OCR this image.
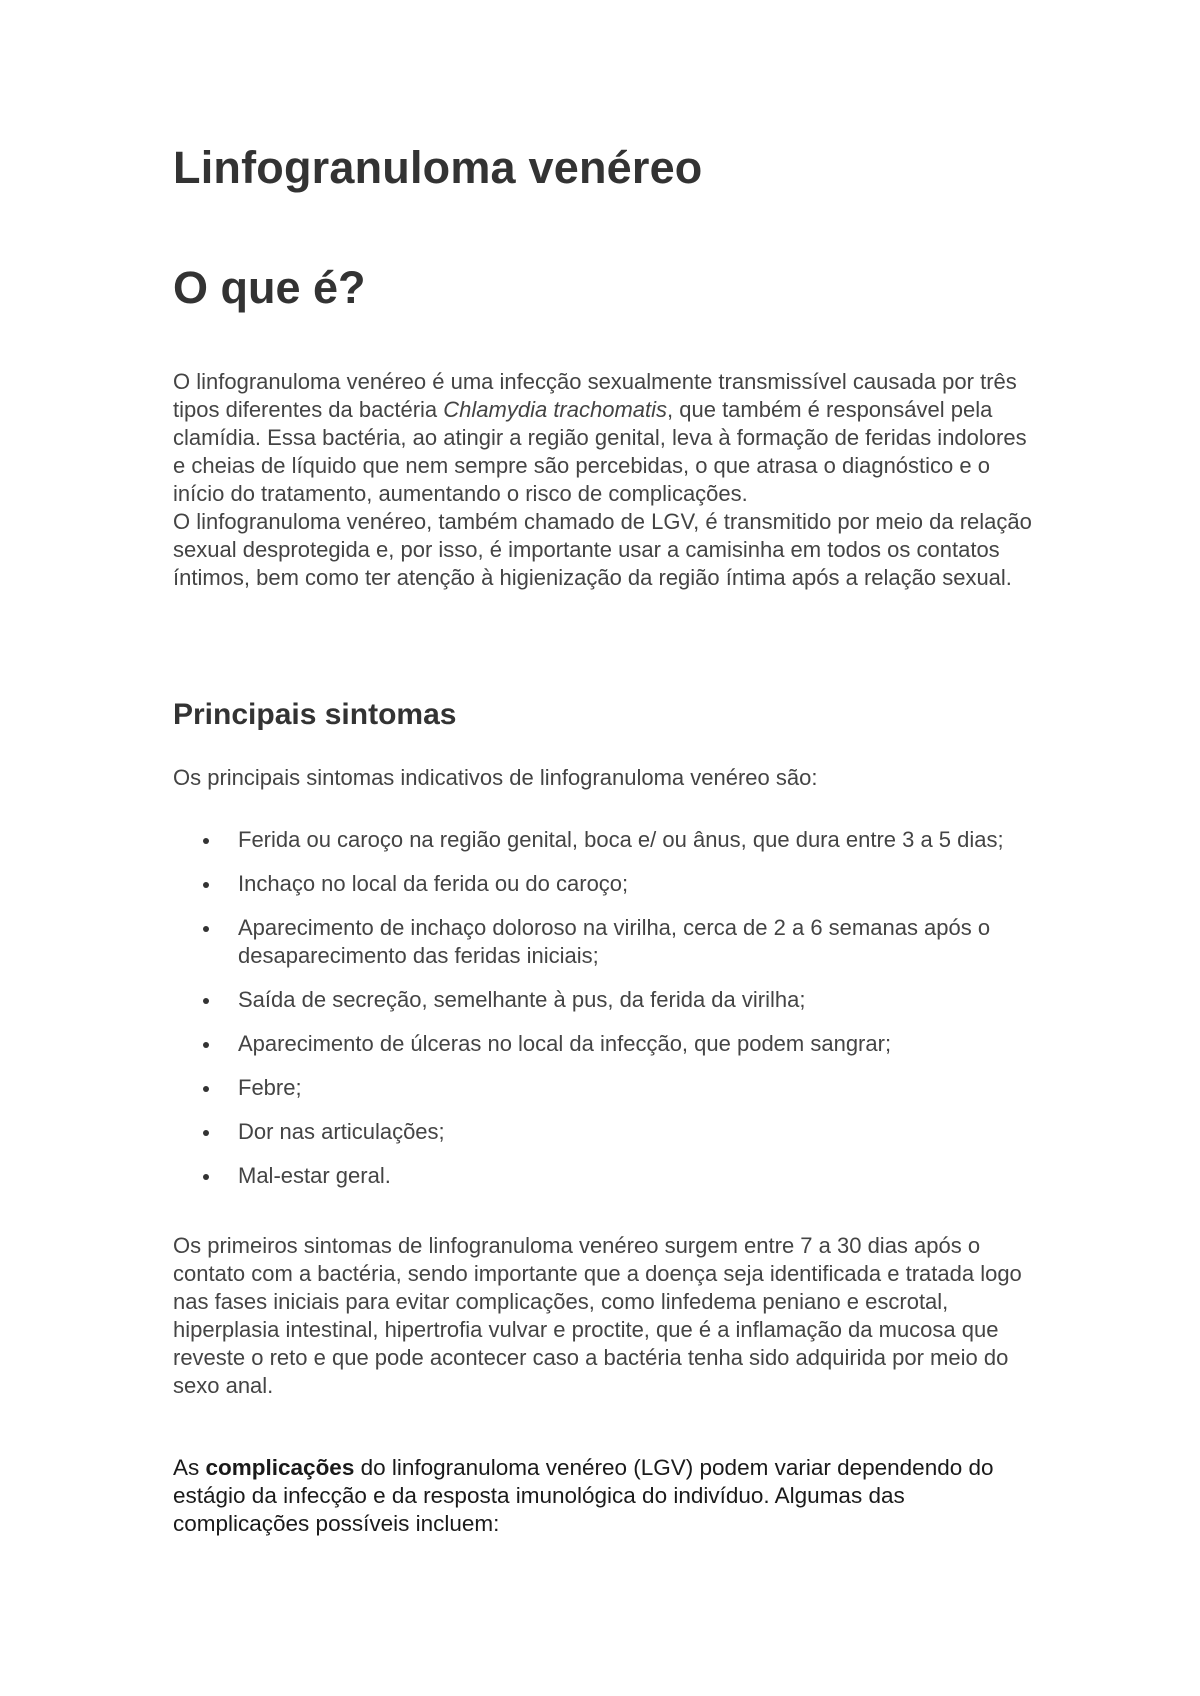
Linfogranuloma venéreo
O que é?

O linfogranuloma venéreo é uma infecção sexualmente transmissível causada por três tipos diferentes da bactéria Chlamydia trachomatis, que também é responsável pela clamídia. Essa bactéria, ao atingir a região genital, leva à formação de feridas indolores e cheias de líquido que nem sempre são percebidas, o que atrasa o diagnóstico e o início do tratamento, aumentando o risco de complicações.

O linfogranuloma venéreo, também chamado de LGV, é transmitido por meio da relação sexual desprotegida e, por isso, é importante usar a camisinha em todos os contatos íntimos, bem como ter atenção à higienização da região íntima após a relação sexual.

Principais sintomas

Os principais sintomas indicativos de linfogranuloma venéreo são:

Ferida ou caroço na região genital, boca e/ ou ânus, que dura entre 3 a 5 dias;
Inchaço no local da ferida ou do caroço;
Aparecimento de inchaço doloroso na virilha, cerca de 2 a 6 semanas após o desaparecimento das feridas iniciais;
Saída de secreção, semelhante à pus, da ferida da virilha;
Aparecimento de úlceras no local da infecção, que podem sangrar;
Febre;
Dor nas articulações;
Mal-estar geral.

Os primeiros sintomas de linfogranuloma venéreo surgem entre 7 a 30 dias após o contato com a bactéria, sendo importante que a doença seja identificada e tratada logo nas fases iniciais para evitar complicações, como linfedema peniano e escrotal, hiperplasia intestinal, hipertrofia vulvar e proctite, que é a inflamação da mucosa que reveste o reto e que pode acontecer caso a bactéria tenha sido adquirida por meio do sexo anal.

As complicações do linfogranuloma venéreo (LGV) podem variar dependendo do estágio da infecção e da resposta imunológica do indivíduo. Algumas das complicações possíveis incluem:
